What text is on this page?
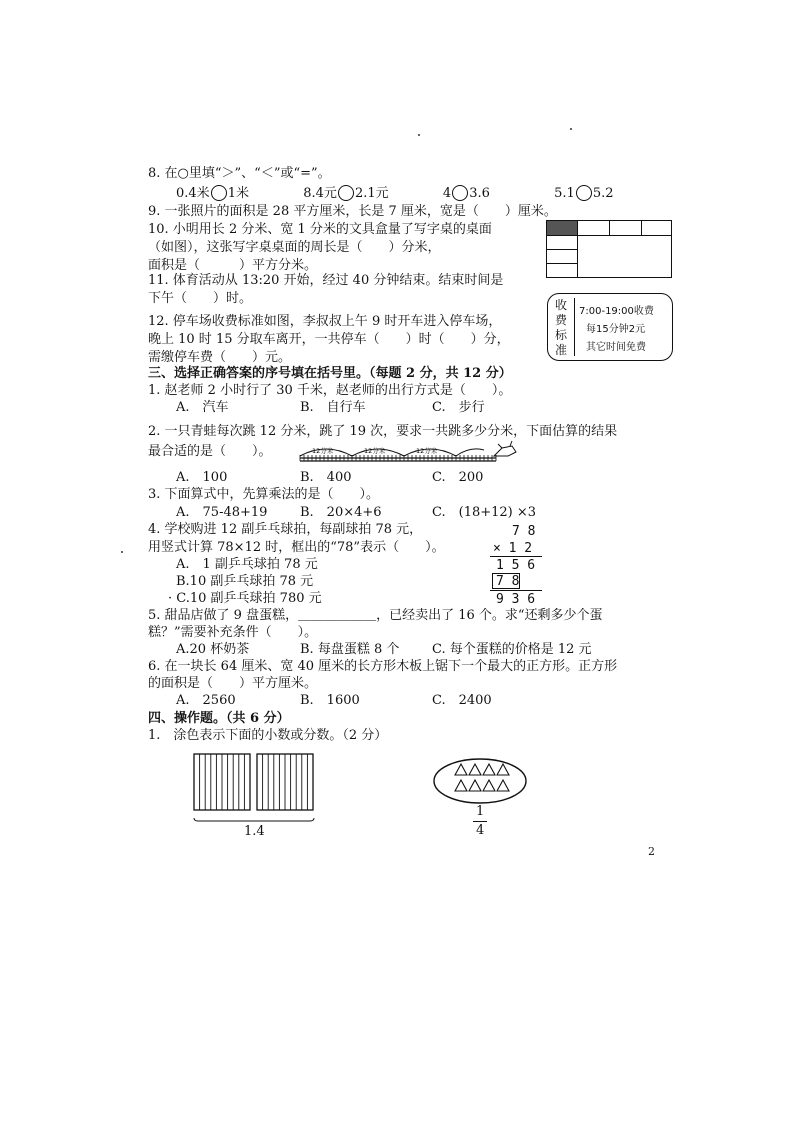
8. 在○里填“＞”、“＜”或“=”。
0.4米 1米	8.4元 2.1元	4 3.6	5.1 5.2
9. 一张照片的面积是 28 平方厘米，长是 7 厘米，宽是（　　）厘米。
10. 小明用长 2 分米、宽 1 分米的文具盒量了写字桌的桌面
（如图），这张写字桌桌面的周长是（　　）分米，
面积是（　　　）平方分米。
11. 体育活动从 13:20 开始，经过 40 分钟结束。结束时间是
下午（　　）时。	收
费
标
准
7:00-19:00收费
每15分钟2元
其它时间免费
12. 停车场收费标准如图，李叔叔上午 9 时开车进入停车场，
晚上 10 时 15 分取车离开，一共停车（　　）时（　　）分，
需缴停车费（　　）元。
三、选择正确答案的序号填在括号里。（每题 2 分，共 12 分）
1. 赵老师 2 小时行了 30 千米，赵老师的出行方式是（　　）。
A.　汽车	B.　自行车	C.　步行
2. 一只青蛙每次跳 12 分米，跳了 19 次，要求一共跳多少分米，下面估算的结果
最合适的是（　　）。	12分米	12分米	12分米
A.　100	B.　400	C.　200
3. 下面算式中，先算乘法的是（　　）。
A.　75-48+19	B.　20×4+6	C.　(18+12) ×3
4. 学校购进 12 副乒乓球拍，每副球拍 78 元，
用竖式计算 78×12 时，框出的“78”表示（　　）。
A.　1 副乒乓球拍 78 元
B.10 副乒乓球拍 78 元
· C.10 副乒乓球拍 780 元
7 8
× 1 2
1 5 6
7 8
9 3 6
5. 甜品店做了 9 盘蛋糕，＿＿＿＿＿＿，已经卖出了 16 个。求“还剩多少个蛋
糕？”需要补充条件（　　）。
A.20 杯奶茶	B. 每盘蛋糕 8 个	C. 每个蛋糕的价格是 12 元
6. 在一块长 64 厘米、宽 40 厘米的长方形木板上锯下一个最大的正方形。正方形
的面积是（　　）平方厘米。
A.　2560	B.　1600	C.　2400
四、操作题。（共 6 分）
1.　涂色表示下面的小数或分数。（2 分）
1.4
1
4
2
